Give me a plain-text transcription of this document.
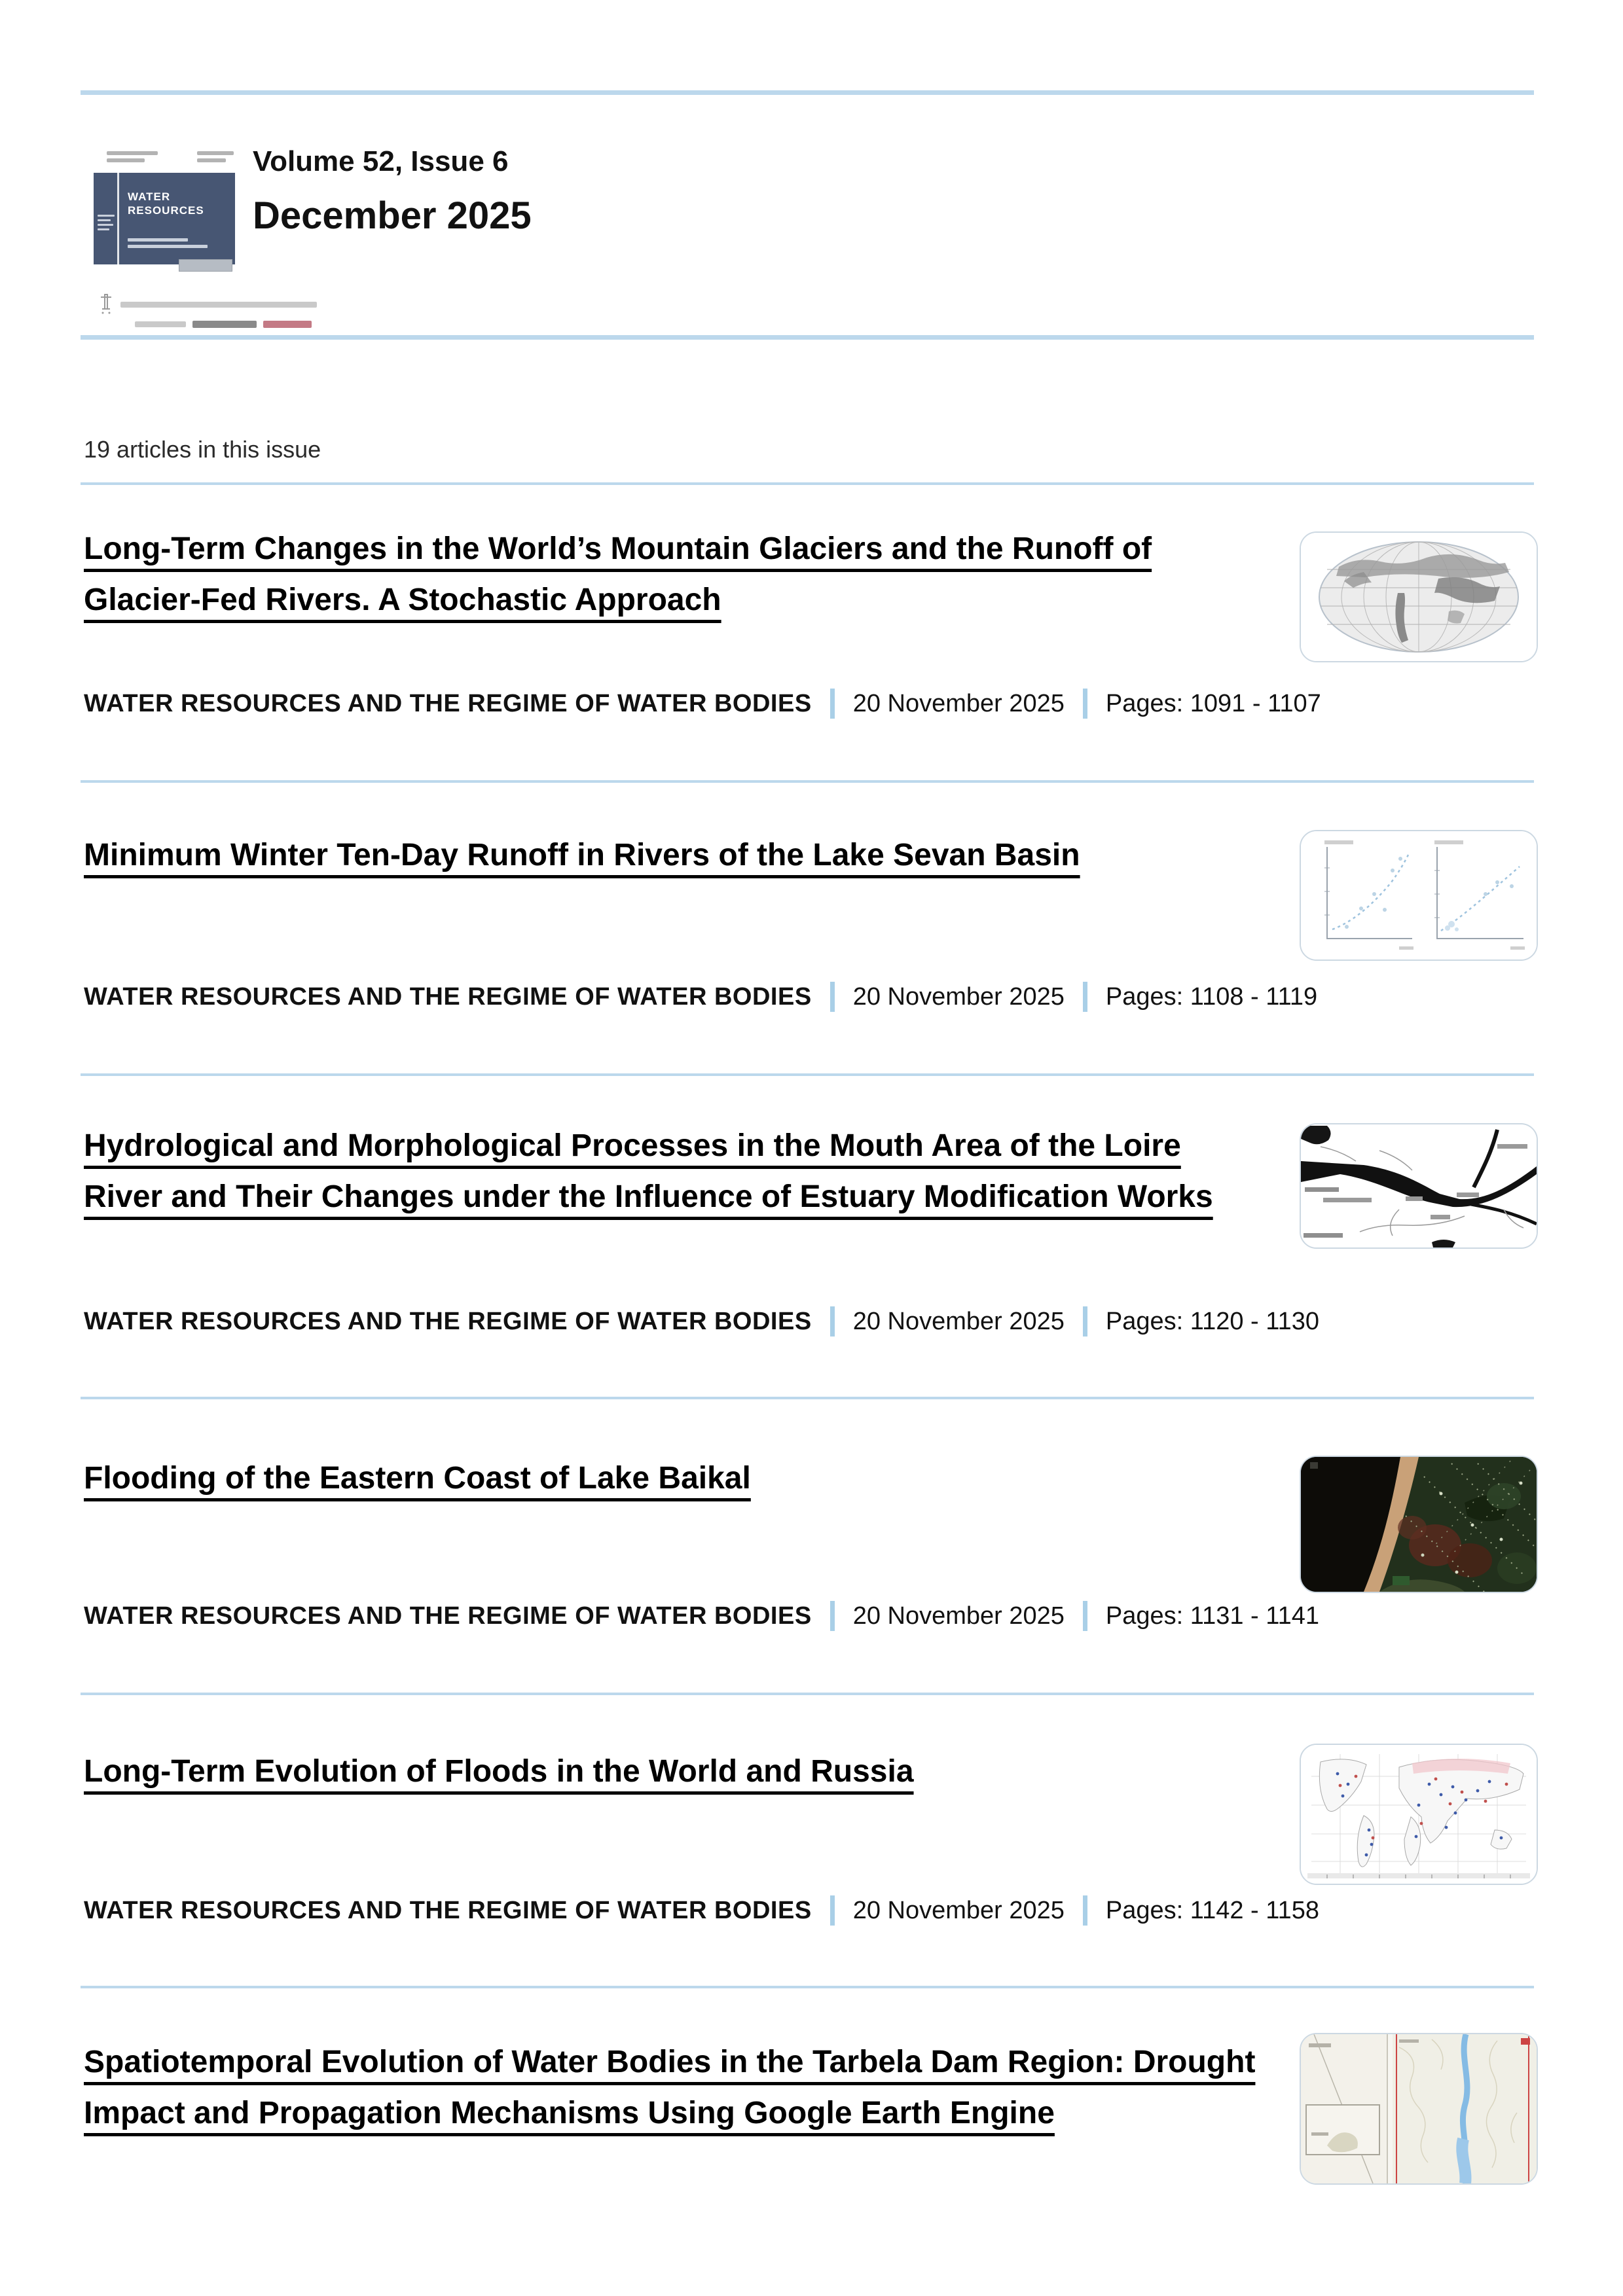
WATER RESOURCES
Volume 52, Issue 6
December 2025
19 articles in this issue
Long-Term Changes in the World’s Mountain Glaciers and the Runoff of Glacier-Fed Rivers. A Stochastic Approach
WATER RESOURCES AND THE REGIME OF WATER BODIES 20 November 2025 Pages: 1091 - 1107
Minimum Winter Ten-Day Runoff in Rivers of the Lake Sevan Basin
WATER RESOURCES AND THE REGIME OF WATER BODIES 20 November 2025 Pages: 1108 - 1119
Hydrological and Morphological Processes in the Mouth Area of the Loire River and Their Changes under the Influence of Estuary Modification Works
WATER RESOURCES AND THE REGIME OF WATER BODIES 20 November 2025 Pages: 1120 - 1130
Flooding of the Eastern Coast of Lake Baikal
WATER RESOURCES AND THE REGIME OF WATER BODIES 20 November 2025 Pages: 1131 - 1141
Long-Term Evolution of Floods in the World and Russia
WATER RESOURCES AND THE REGIME OF WATER BODIES 20 November 2025 Pages: 1142 - 1158
Spatiotemporal Evolution of Water Bodies in the Tarbela Dam Region: Drought Impact and Propagation Mechanisms Using Google Earth Engine
